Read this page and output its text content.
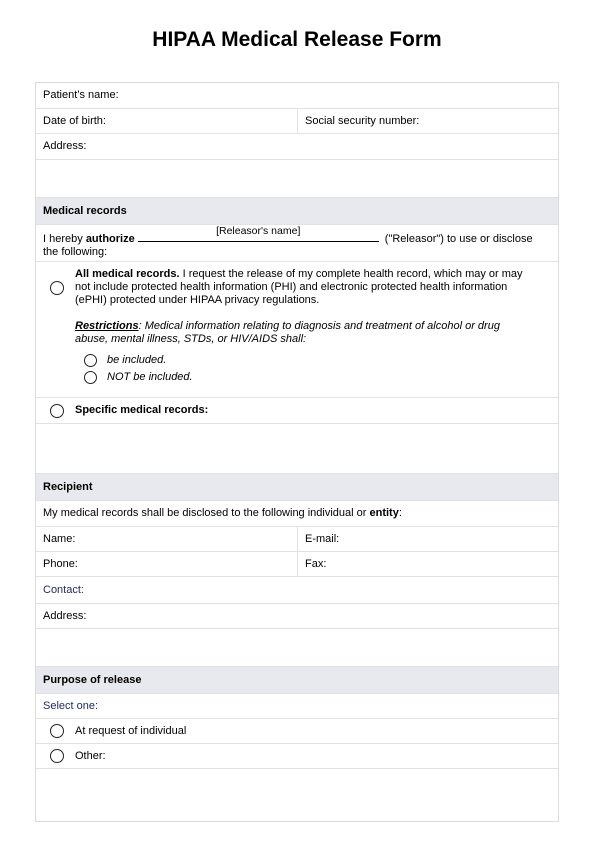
HIPAA Medical Release Form
Patient’s name:
Date of birth:	Social security number:
Address:
Medical records
I hereby authorize
[Releasor's name]
("Releasor") to use or disclose
the following:
All medical records. I request the release of my complete health record, which may or may
not include protected health information (PHI) and electronic protected health information
(ePHI) protected under HIPAA privacy regulations.
Restrictions: Medical information relating to diagnosis and treatment of alcohol or drug
abuse, mental illness, STDs, or HIV/AIDS shall:
be included.
NOT be included.
Specific medical records:
Recipient
My medical records shall be disclosed to the following individual or entity:
Name:	E-mail:
Phone:	Fax:
Contact:
Address:
Purpose of release
Select one:
At request of individual
Other:
